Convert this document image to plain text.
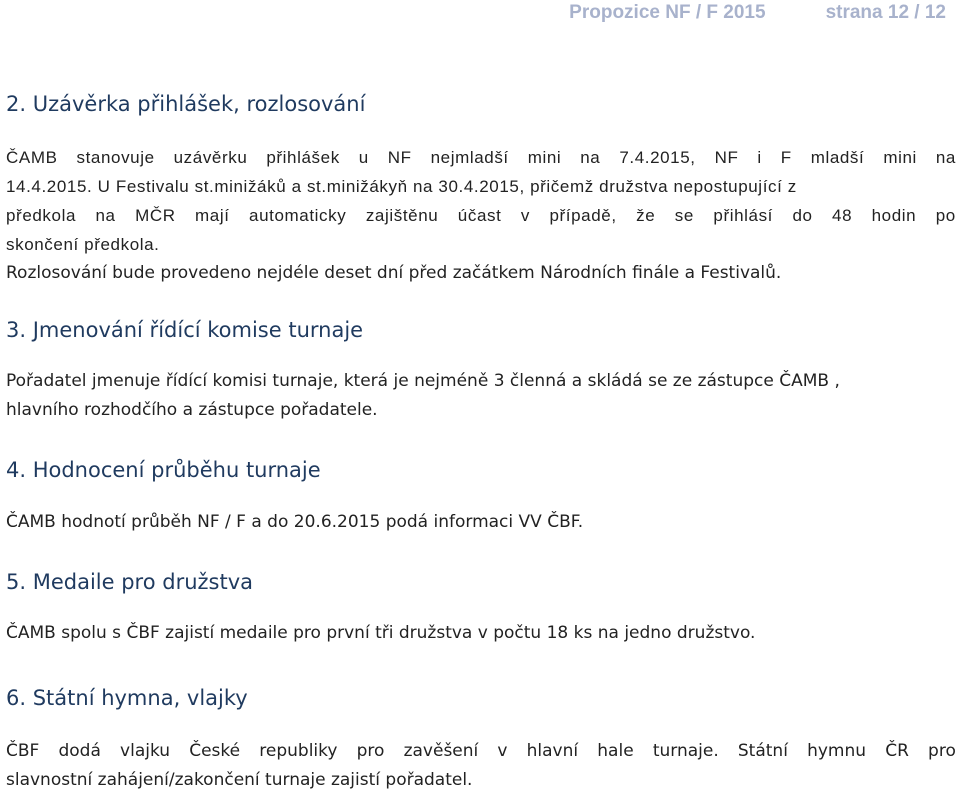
Propozice NF / F 2015	strana 12 / 12
2. Uzávěrka přihlášek, rozlosování
ČAMB stanovuje uzávěrku přihlášek u NF nejmladší mini na 7.4.2015, NF i F mladší mini na
14.4.2015. U Festivalu st.minižáků a st.minižákyň na 30.4.2015, přičemž družstva nepostupující z
předkola na MČR mají automaticky zajištěnu účast v případě, že se přihlásí do 48 hodin po
skončení předkola.
Rozlosování bude provedeno nejdéle deset dní před začátkem Národních finále a Festivalů.
3. Jmenování řídící komise turnaje
Pořadatel jmenuje řídící komisi turnaje, která je nejméně 3 členná a skládá se ze zástupce ČAMB ,
hlavního rozhodčího a zástupce pořadatele.
4. Hodnocení průběhu turnaje
ČAMB hodnotí průběh NF / F a do 20.6.2015 podá informaci VV ČBF.
5. Medaile pro družstva
ČAMB spolu s ČBF zajistí medaile pro první tři družstva v počtu 18 ks na jedno družstvo.
6. Státní hymna, vlajky
ČBF dodá vlajku České republiky pro zavěšení v hlavní hale turnaje. Státní hymnu ČR pro
slavnostní zahájení/zakončení turnaje zajistí pořadatel.
